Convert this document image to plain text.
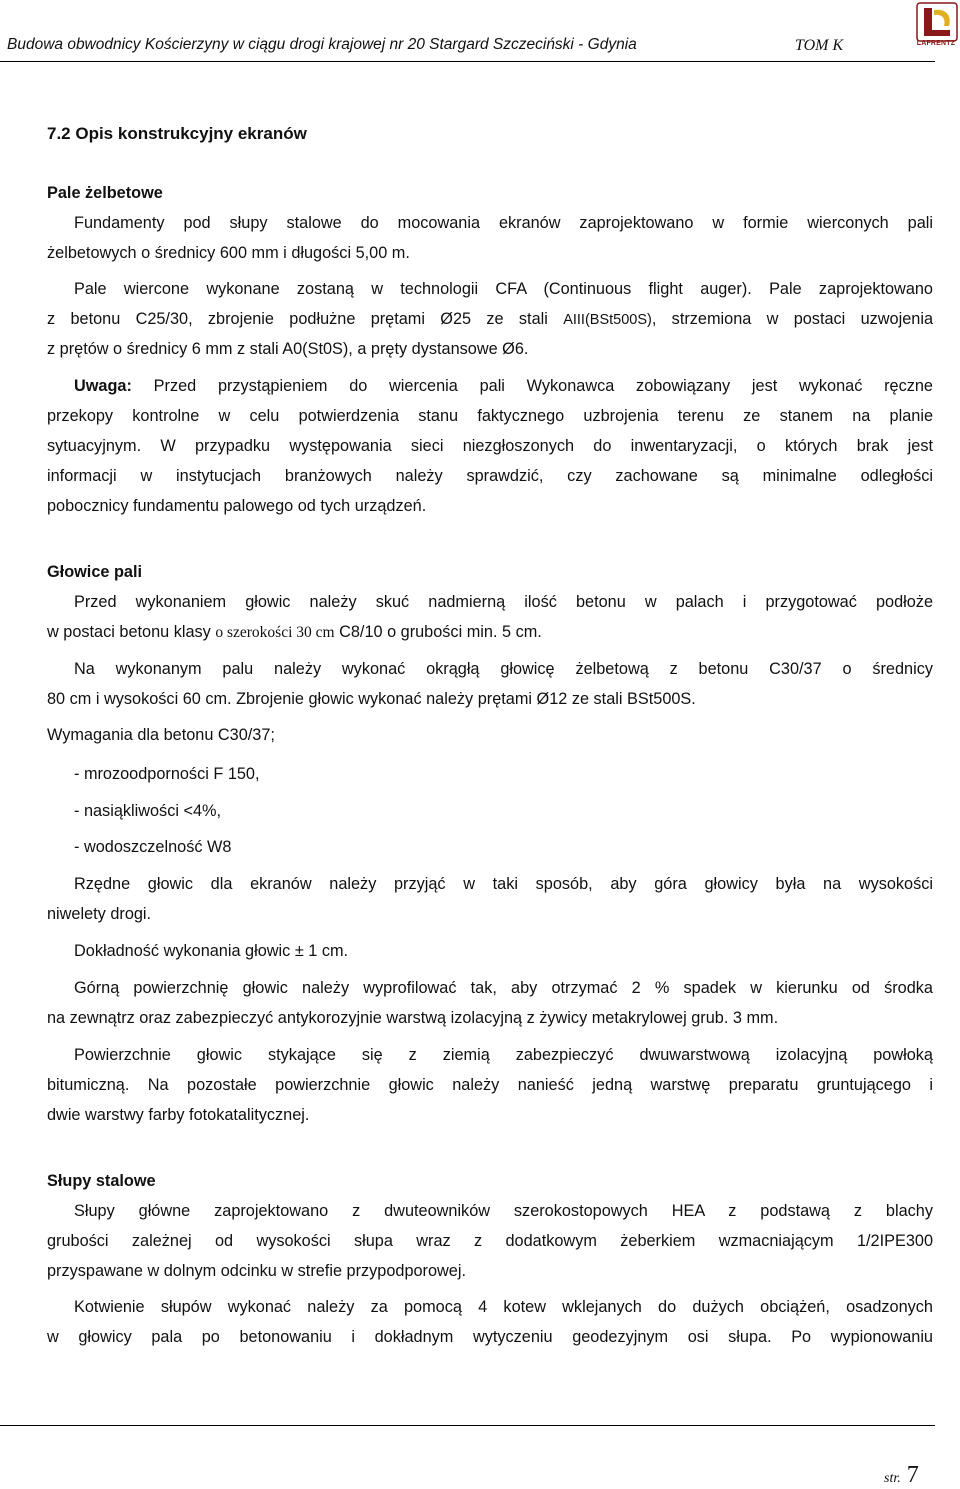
Budowa obwodnicy Kościerzyny w ciągu drogi krajowej nr 20 Stargard Szczeciński - Gdynia	TOM K	LAFRENTZ
7.2 Opis konstrukcyjny ekranów
Pale żelbetowe
Fundamenty pod słupy stalowe do mocowania ekranów zaprojektowano w formie wierconych pali
żelbetowych o średnicy 600 mm i długości 5,00 m.
Pale wiercone wykonane zostaną w technologii CFA (Continuous flight auger). Pale zaprojektowano
z betonu C25/30, zbrojenie podłużne prętami Ø25 ze stali AIII(BSt500S), strzemiona w postaci uzwojenia
z prętów o średnicy 6 mm z stali A0(St0S), a pręty dystansowe Ø6.
Uwaga: Przed przystąpieniem do wiercenia pali Wykonawca zobowiązany jest wykonać ręczne
przekopy kontrolne w celu potwierdzenia stanu faktycznego uzbrojenia terenu ze stanem na planie
sytuacyjnym. W przypadku występowania sieci niezgłoszonych do inwentaryzacji, o których brak jest
informacji w instytucjach branżowych należy sprawdzić, czy zachowane są minimalne odległości
pobocznicy fundamentu palowego od tych urządzeń.
Głowice pali
Przed wykonaniem głowic należy skuć nadmierną ilość betonu w palach i przygotować podłoże
w postaci betonu klasy o szerokości 30 cm C8/10 o grubości min. 5 cm.
Na wykonanym palu należy wykonać okrągłą głowicę żelbetową z betonu C30/37 o średnicy
80 cm i wysokości 60 cm. Zbrojenie głowic wykonać należy prętami Ø12 ze stali BSt500S.
Wymagania dla betonu C30/37;
- mrozoodporności F 150,
- nasiąkliwości <4%,
- wodoszczelność W8
Rzędne głowic dla ekranów należy przyjąć w taki sposób, aby góra głowicy była na wysokości
niwelety drogi.
Dokładność wykonania głowic ± 1 cm.
Górną powierzchnię głowic należy wyprofilować tak, aby otrzymać 2 % spadek w kierunku od środka
na zewnątrz oraz zabezpieczyć antykorozyjnie warstwą izolacyjną z żywicy metakrylowej grub. 3 mm.
Powierzchnie głowic stykające się z ziemią zabezpieczyć dwuwarstwową izolacyjną powłoką
bitumiczną. Na pozostałe powierzchnie głowic należy nanieść jedną warstwę preparatu gruntującego i
dwie warstwy farby fotokatalitycznej.
Słupy stalowe
Słupy główne zaprojektowano z dwuteowników szerokostopowych HEA z podstawą z blachy
grubości zależnej od wysokości słupa wraz z dodatkowym żeberkiem wzmacniającym 1/2IPE300
przyspawane w dolnym odcinku w strefie przypodporowej.
Kotwienie słupów wykonać należy za pomocą 4 kotew wklejanych do dużych obciążeń, osadzonych
w głowicy pala po betonowaniu i dokładnym wytyczeniu geodezyjnym osi słupa. Po wypionowaniu
str. 7
